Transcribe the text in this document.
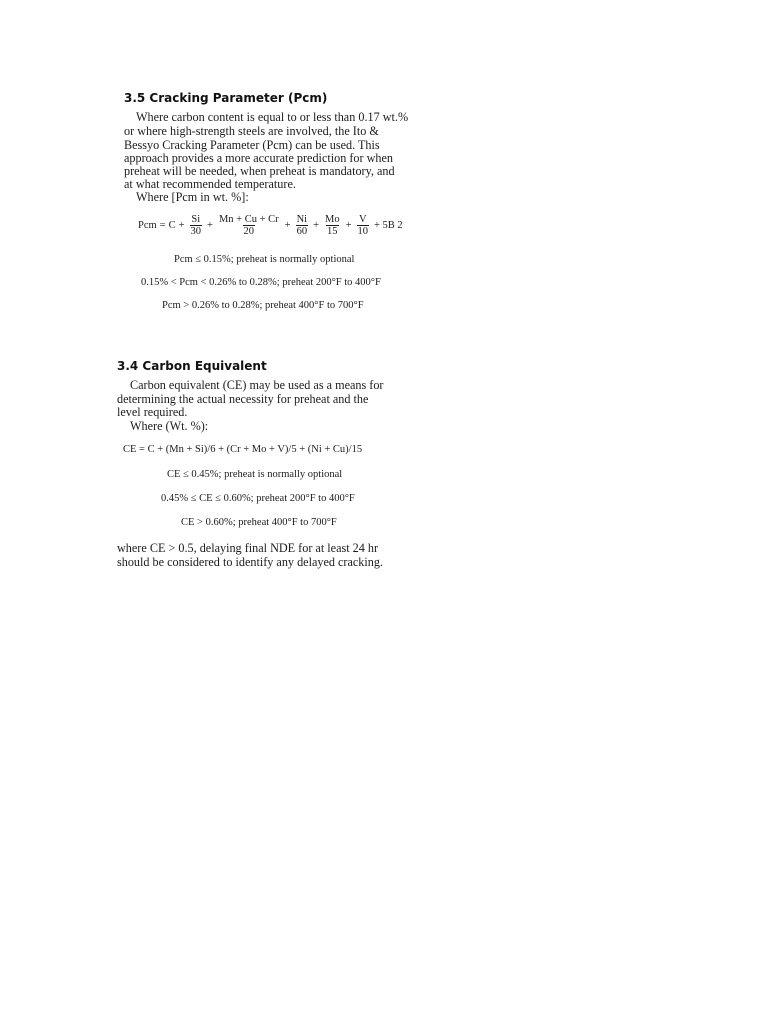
3.5 Cracking Parameter (Pcm)
Where carbon content is equal to or less than 0.17 wt.%
or where high-strength steels are involved, the Ito &
Bessyo Cracking Parameter (Pcm) can be used. This
approach provides a more accurate prediction for when
preheat will be needed, when preheat is mandatory, and
at what recommended temperature.
Where [Pcm in wt. %]:
Pcm = $C + \frac{Si}{30} + \frac{Mn + Cu + Cr}{20} + \frac{Ni}{60} + \frac{Mo}{15} + \frac{V}{10} + 5B$ 2
Pcm ≤ 0.15%; preheat is normally optional
0.15% < Pcm < 0.26% to 0.28%; preheat 200°F to 400°F
Pcm > 0.26% to 0.28%; preheat 400°F to 700°F
3.4 Carbon Equivalent
Carbon equivalent (CE) may be used as a means for
determining the actual necessity for preheat and the
level required.
Where (Wt. %):
CE = C + (Mn + Si)/6 + (Cr + Mo + V)/5 + (Ni + Cu)/15
CE ≤ 0.45%; preheat is normally optional
0.45% ≤ CE ≤ 0.60%; preheat 200°F to 400°F
CE > 0.60%; preheat 400°F to 700°F
where CE > 0.5, delaying final NDE for at least 24 hr
should be considered to identify any delayed cracking.
